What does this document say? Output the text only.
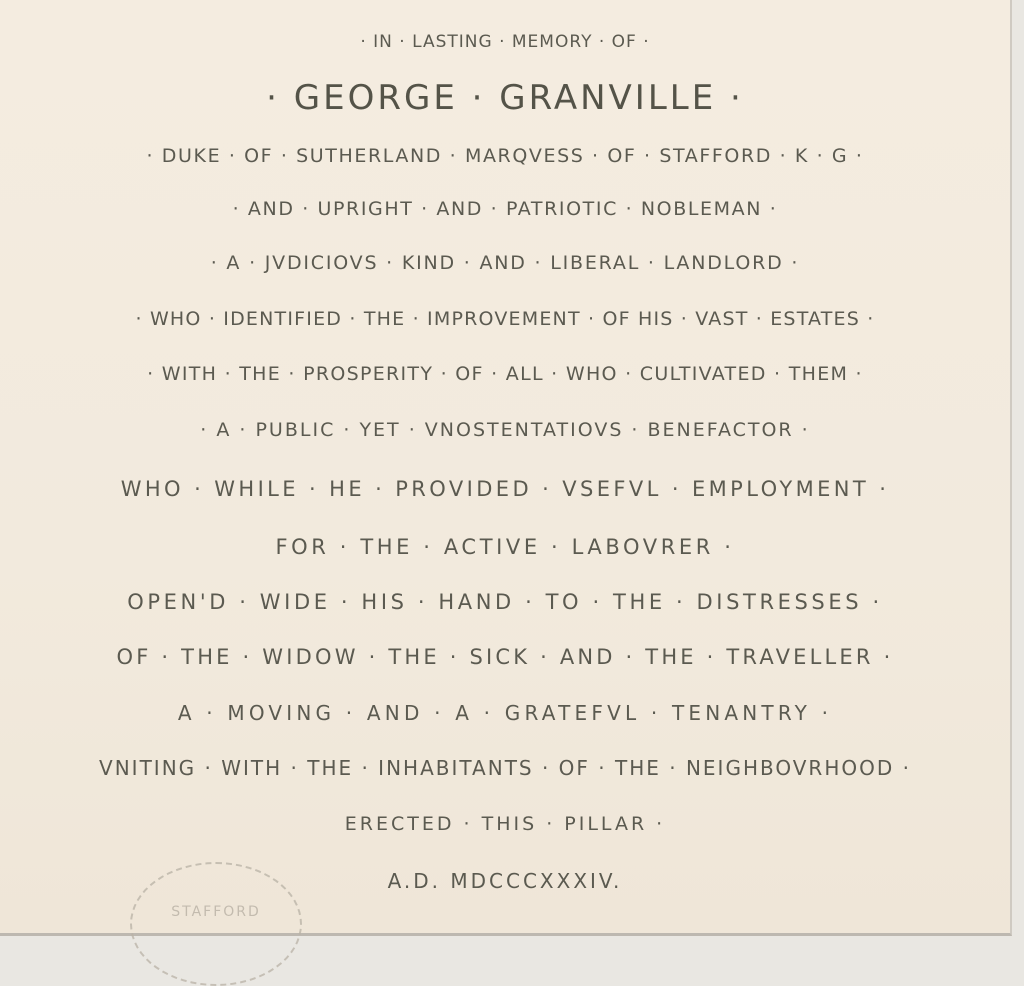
· IN · LASTING · MEMORY · OF ·
· GEORGE · GRANVILLE ·
· DUKE · OF · SUTHERLAND · MARQVESS · OF · STAFFORD · K · G ·
· AND · UPRIGHT · AND · PATRIOTIC · NOBLEMAN ·
· A · JVDICIOVS · KIND · AND · LIBERAL · LANDLORD ·
· WHO · IDENTIFIED · THE · IMPROVEMENT · OF HIS · VAST · ESTATES ·
· WITH · THE · PROSPERITY · OF · ALL · WHO · CULTIVATED · THEM ·
· A · PUBLIC · YET · VNOSTENTATIOVS · BENEFACTOR ·
WHO · WHILE · HE · PROVIDED · VSEFVL · EMPLOYMENT ·
FOR · THE · ACTIVE · LABOVRER ·
OPEN'D · WIDE · HIS · HAND · TO · THE · DISTRESSES ·
OF · THE · WIDOW · THE · SICK · AND · THE · TRAVELLER ·
A · MOVING · AND · A · GRATEFVL · TENANTRY ·
VNITING · WITH · THE · INHABITANTS · OF · THE · NEIGHBOVRHOOD ·
ERECTED · THIS · PILLAR ·
A.D. MDCCCXXXIV.
STAFFORD
